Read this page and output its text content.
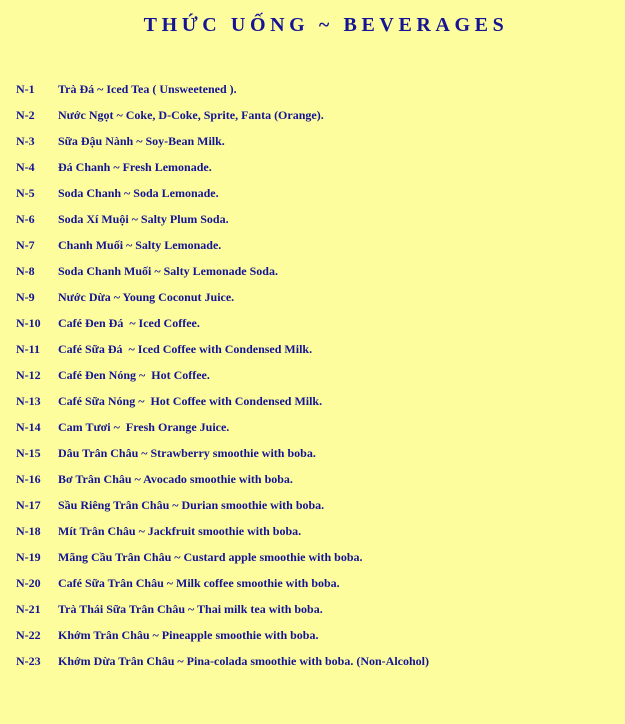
THỨC UỐNG ~ BEVERAGES
N-1	Trà Đá ~ Iced Tea ( Unsweetened ).
N-2	Nước Ngọt ~ Coke, D-Coke, Sprite, Fanta (Orange).
N-3	Sữa Đậu Nành ~ Soy-Bean Milk.
N-4	Đá Chanh ~ Fresh Lemonade.
N-5	Soda Chanh ~ Soda Lemonade.
N-6	Soda Xí Muội ~ Salty Plum Soda.
N-7	Chanh Muối ~ Salty Lemonade.
N-8	Soda Chanh Muối ~ Salty Lemonade Soda.
N-9	Nước Dừa ~ Young Coconut Juice.
N-10	Café Đen Đá  ~ Iced Coffee.
N-11	Café Sữa Đá  ~ Iced Coffee with Condensed Milk.
N-12	Café Đen Nóng ~  Hot Coffee.
N-13	Café Sữa Nóng ~  Hot Coffee with Condensed Milk.
N-14	Cam Tươi ~  Fresh Orange Juice.
N-15	Dâu Trân Châu ~ Strawberry smoothie with boba.
N-16	Bơ Trân Châu ~ Avocado smoothie with boba.
N-17	Sầu Riêng Trân Châu ~ Durian smoothie with boba.
N-18	Mít Trân Châu ~ Jackfruit smoothie with boba.
N-19	Mãng Cầu Trân Châu ~ Custard apple smoothie with boba.
N-20	Café Sữa Trân Châu ~ Milk coffee smoothie with boba.
N-21	Trà Thái Sữa Trân Châu ~ Thai milk tea with boba.
N-22	Khớm Trân Châu ~ Pineapple smoothie with boba.
N-23	Khớm Dừa Trân Châu ~ Pina-colada smoothie with boba. (Non-Alcohol)
